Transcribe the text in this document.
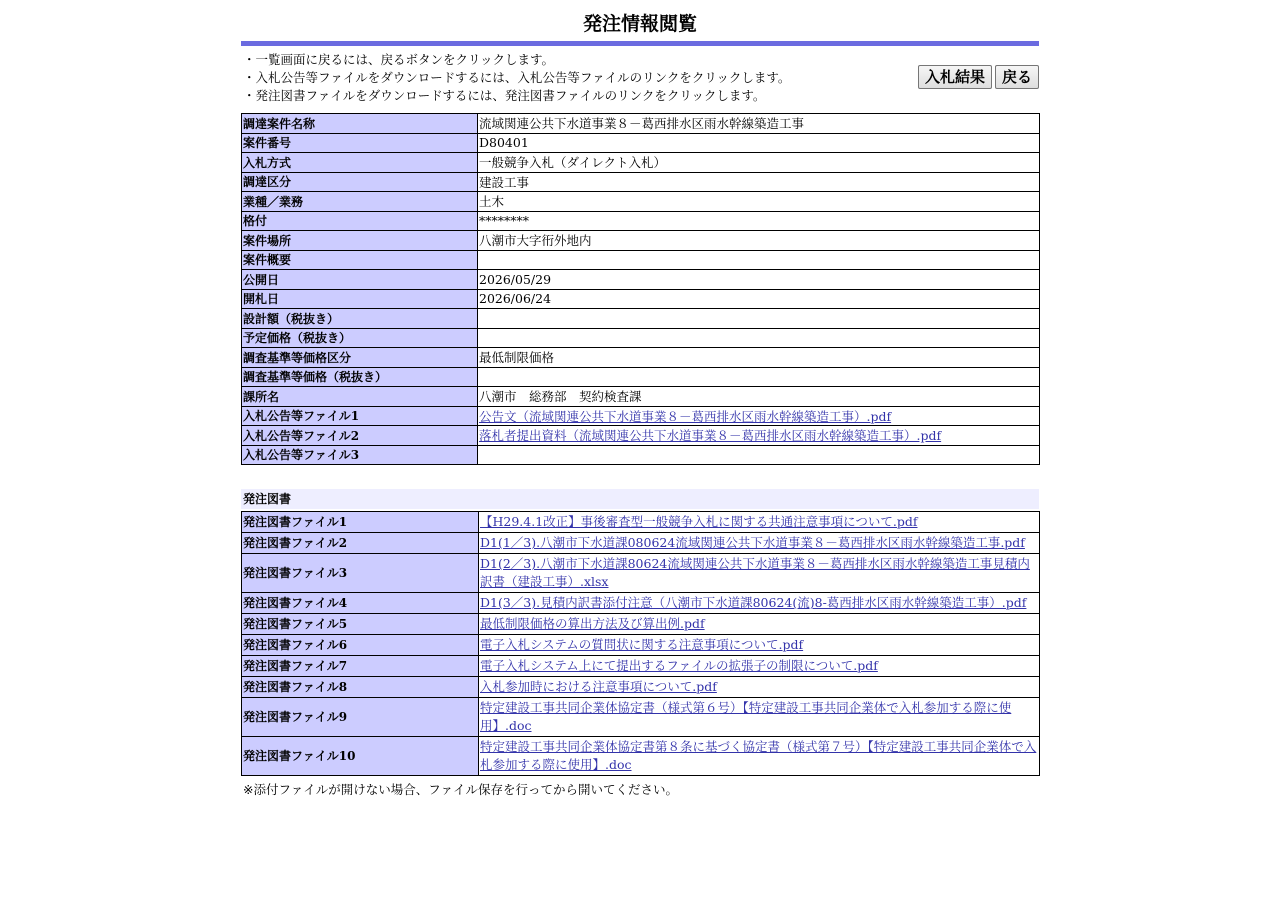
発注情報閲覧
・一覧画面に戻るには、戻るボタンをクリックします。
・入札公告等ファイルをダウンロードするには、入札公告等ファイルのリンクをクリックします。
・発注図書ファイルをダウンロードするには、発注図書ファイルのリンクをクリックします。
入札結果 戻る
調達案件名称	流域関連公共下水道事業８－葛西排水区雨水幹線築造工事
案件番号	D80401
入札方式	一般競争入札（ダイレクト入札）
調達区分	建設工事
業種／業務	土木
格付	********
案件場所	八潮市大字衎外地内
案件概要	
公開日	2026/05/29
開札日	2026/06/24
設計額（税抜き）	
予定価格（税抜き）	
調査基準等価格区分	最低制限価格
調査基準等価格（税抜き）	
課所名	八潮市　総務部　契約検査課
入札公告等ファイル1	公告文（流域関連公共下水道事業８－葛西排水区雨水幹線築造工事）.pdf
入札公告等ファイル2	落札者提出資料（流域関連公共下水道事業８－葛西排水区雨水幹線築造工事）.pdf
入札公告等ファイル3	
発注図書
発注図書ファイル1	【H29.4.1改正】事後審査型一般競争入札に関する共通注意事項について.pdf
発注図書ファイル2	D1(1／3).八潮市下水道課080624流域関連公共下水道事業８－葛西排水区雨水幹線築造工事.pdf
発注図書ファイル3	D1(2／3).八潮市下水道課80624流域関連公共下水道事業８－葛西排水区雨水幹線築造工事見積内訳書（建設工事）.xlsx
発注図書ファイル4	D1(3／3).見積内訳書添付注意（八潮市下水道課80624(流)8-葛西排水区雨水幹線築造工事）.pdf
発注図書ファイル5	最低制限価格の算出方法及び算出例.pdf
発注図書ファイル6	電子入札システムの質問状に関する注意事項について.pdf
発注図書ファイル7	電子入札システム上にて提出するファイルの拡張子の制限について.pdf
発注図書ファイル8	入札参加時における注意事項について.pdf
発注図書ファイル9	特定建設工事共同企業体協定書（様式第６号）【特定建設工事共同企業体で入札参加する際に使用】.doc
発注図書ファイル10	特定建設工事共同企業体協定書第８条に基づく協定書（様式第７号）【特定建設工事共同企業体で入札参加する際に使用】.doc
※添付ファイルが開けない場合、ファイル保存を行ってから開いてください。
